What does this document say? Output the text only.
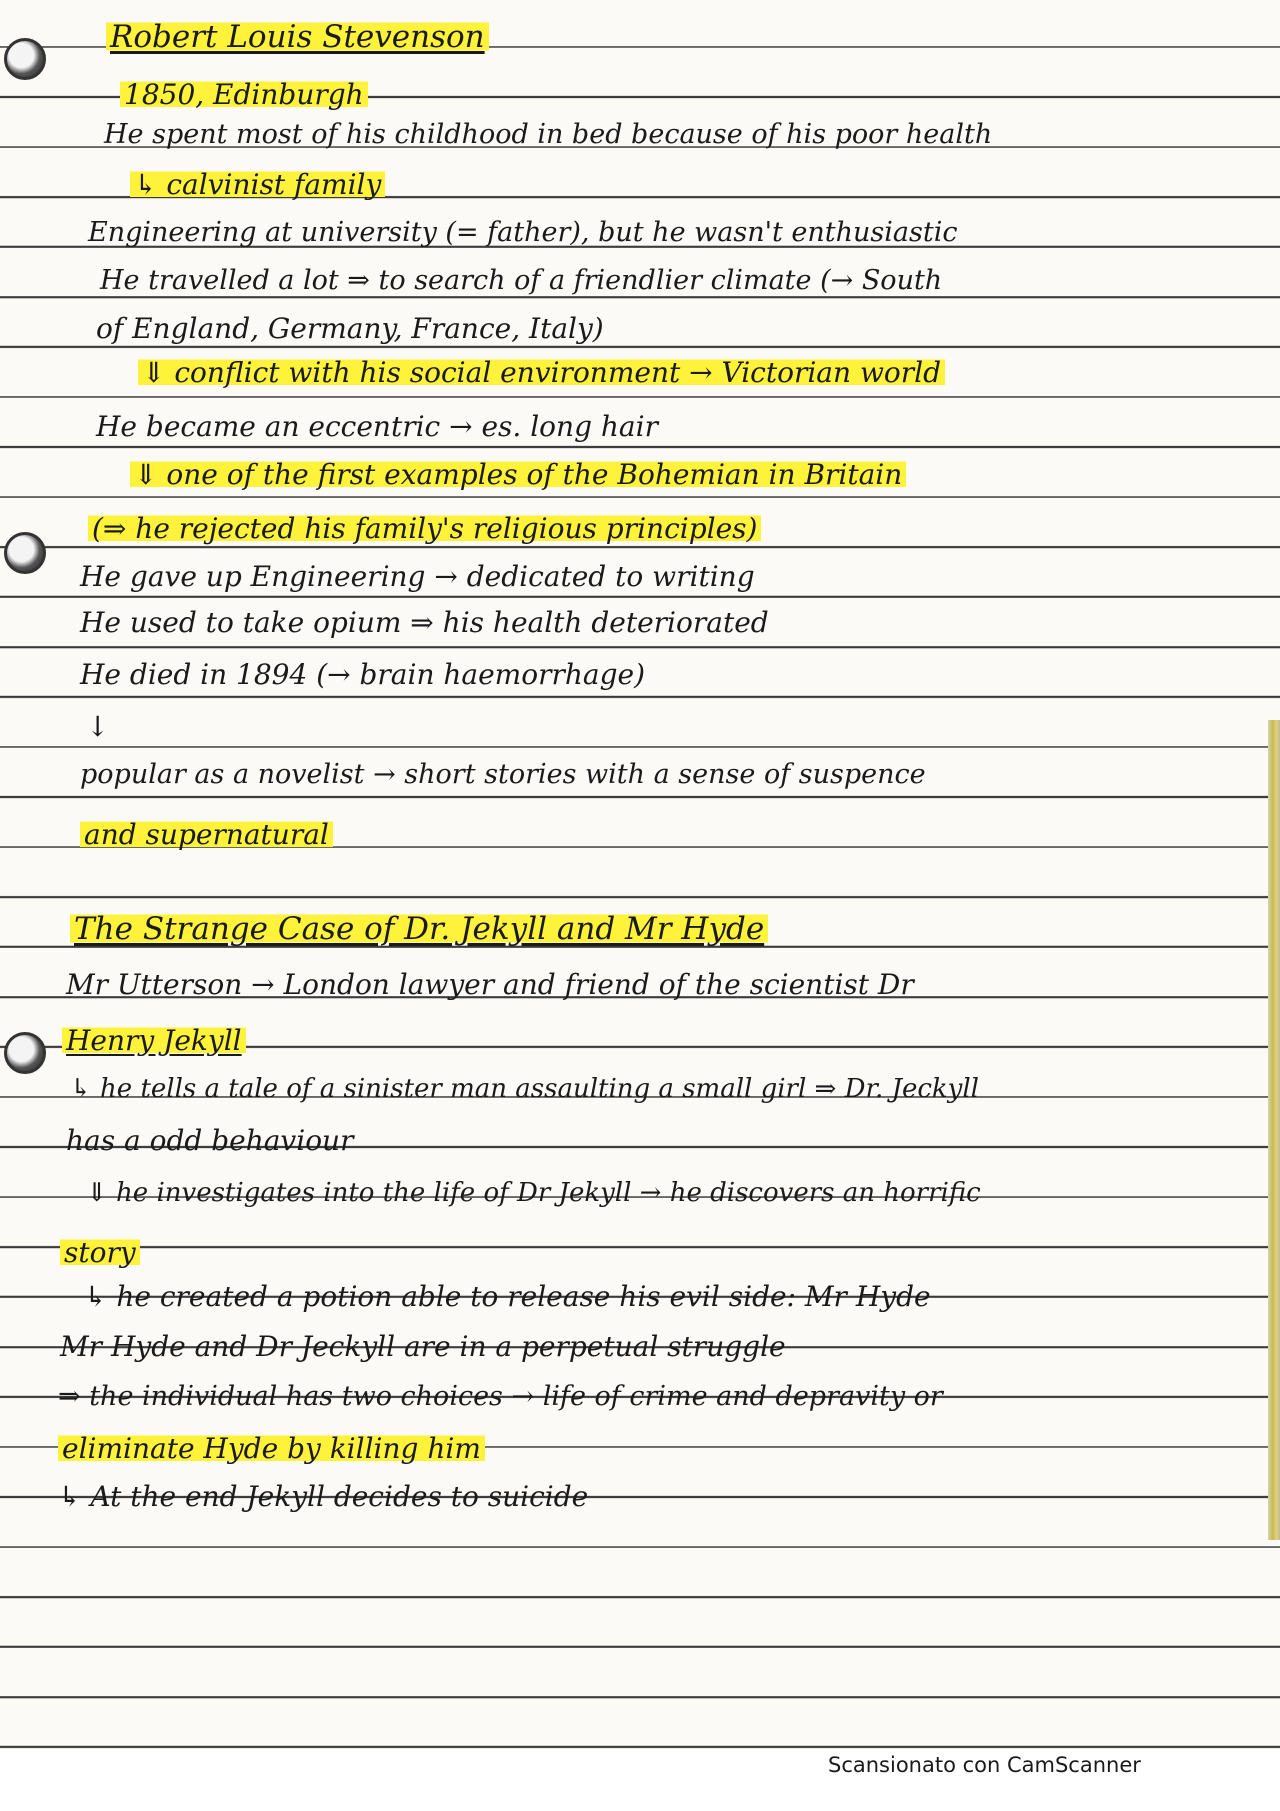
Robert Louis Stevenson
1850, Edinburgh
He spent most of his childhood in bed because of his poor health
↳ calvinist family
Engineering at university (= father), but he wasn't enthusiastic
He travelled a lot ⇒ to search of a friendlier climate (→ South
of England, Germany, France, Italy)
⇓ conflict with his social environment → Victorian world
He became an eccentric → es. long hair
⇓ one of the first examples of the Bohemian in Britain
(⇒ he rejected his family's religious principles)
He gave up Engineering → dedicated to writing
He used to take opium ⇒ his health deteriorated
He died in 1894 (→ brain haemorrhage)
↓
popular as a novelist → short stories with a sense of suspence
and supernatural
The Strange Case of Dr. Jekyll and Mr Hyde
Mr Utterson → London lawyer and friend of the scientist Dr
Henry Jekyll
↳ he tells a tale of a sinister man assaulting a small girl ⇒ Dr. Jeckyll
has a odd behaviour
⇓ he investigates into the life of Dr Jekyll → he discovers an horrific
story
↳ he created a potion able to release his evil side: Mr Hyde
Mr Hyde and Dr Jeckyll are in a perpetual struggle
⇒ the individual has two choices → life of crime and depravity or
eliminate Hyde by killing him
↳ At the end Jekyll decides to suicide
Scansionato con CamScanner
